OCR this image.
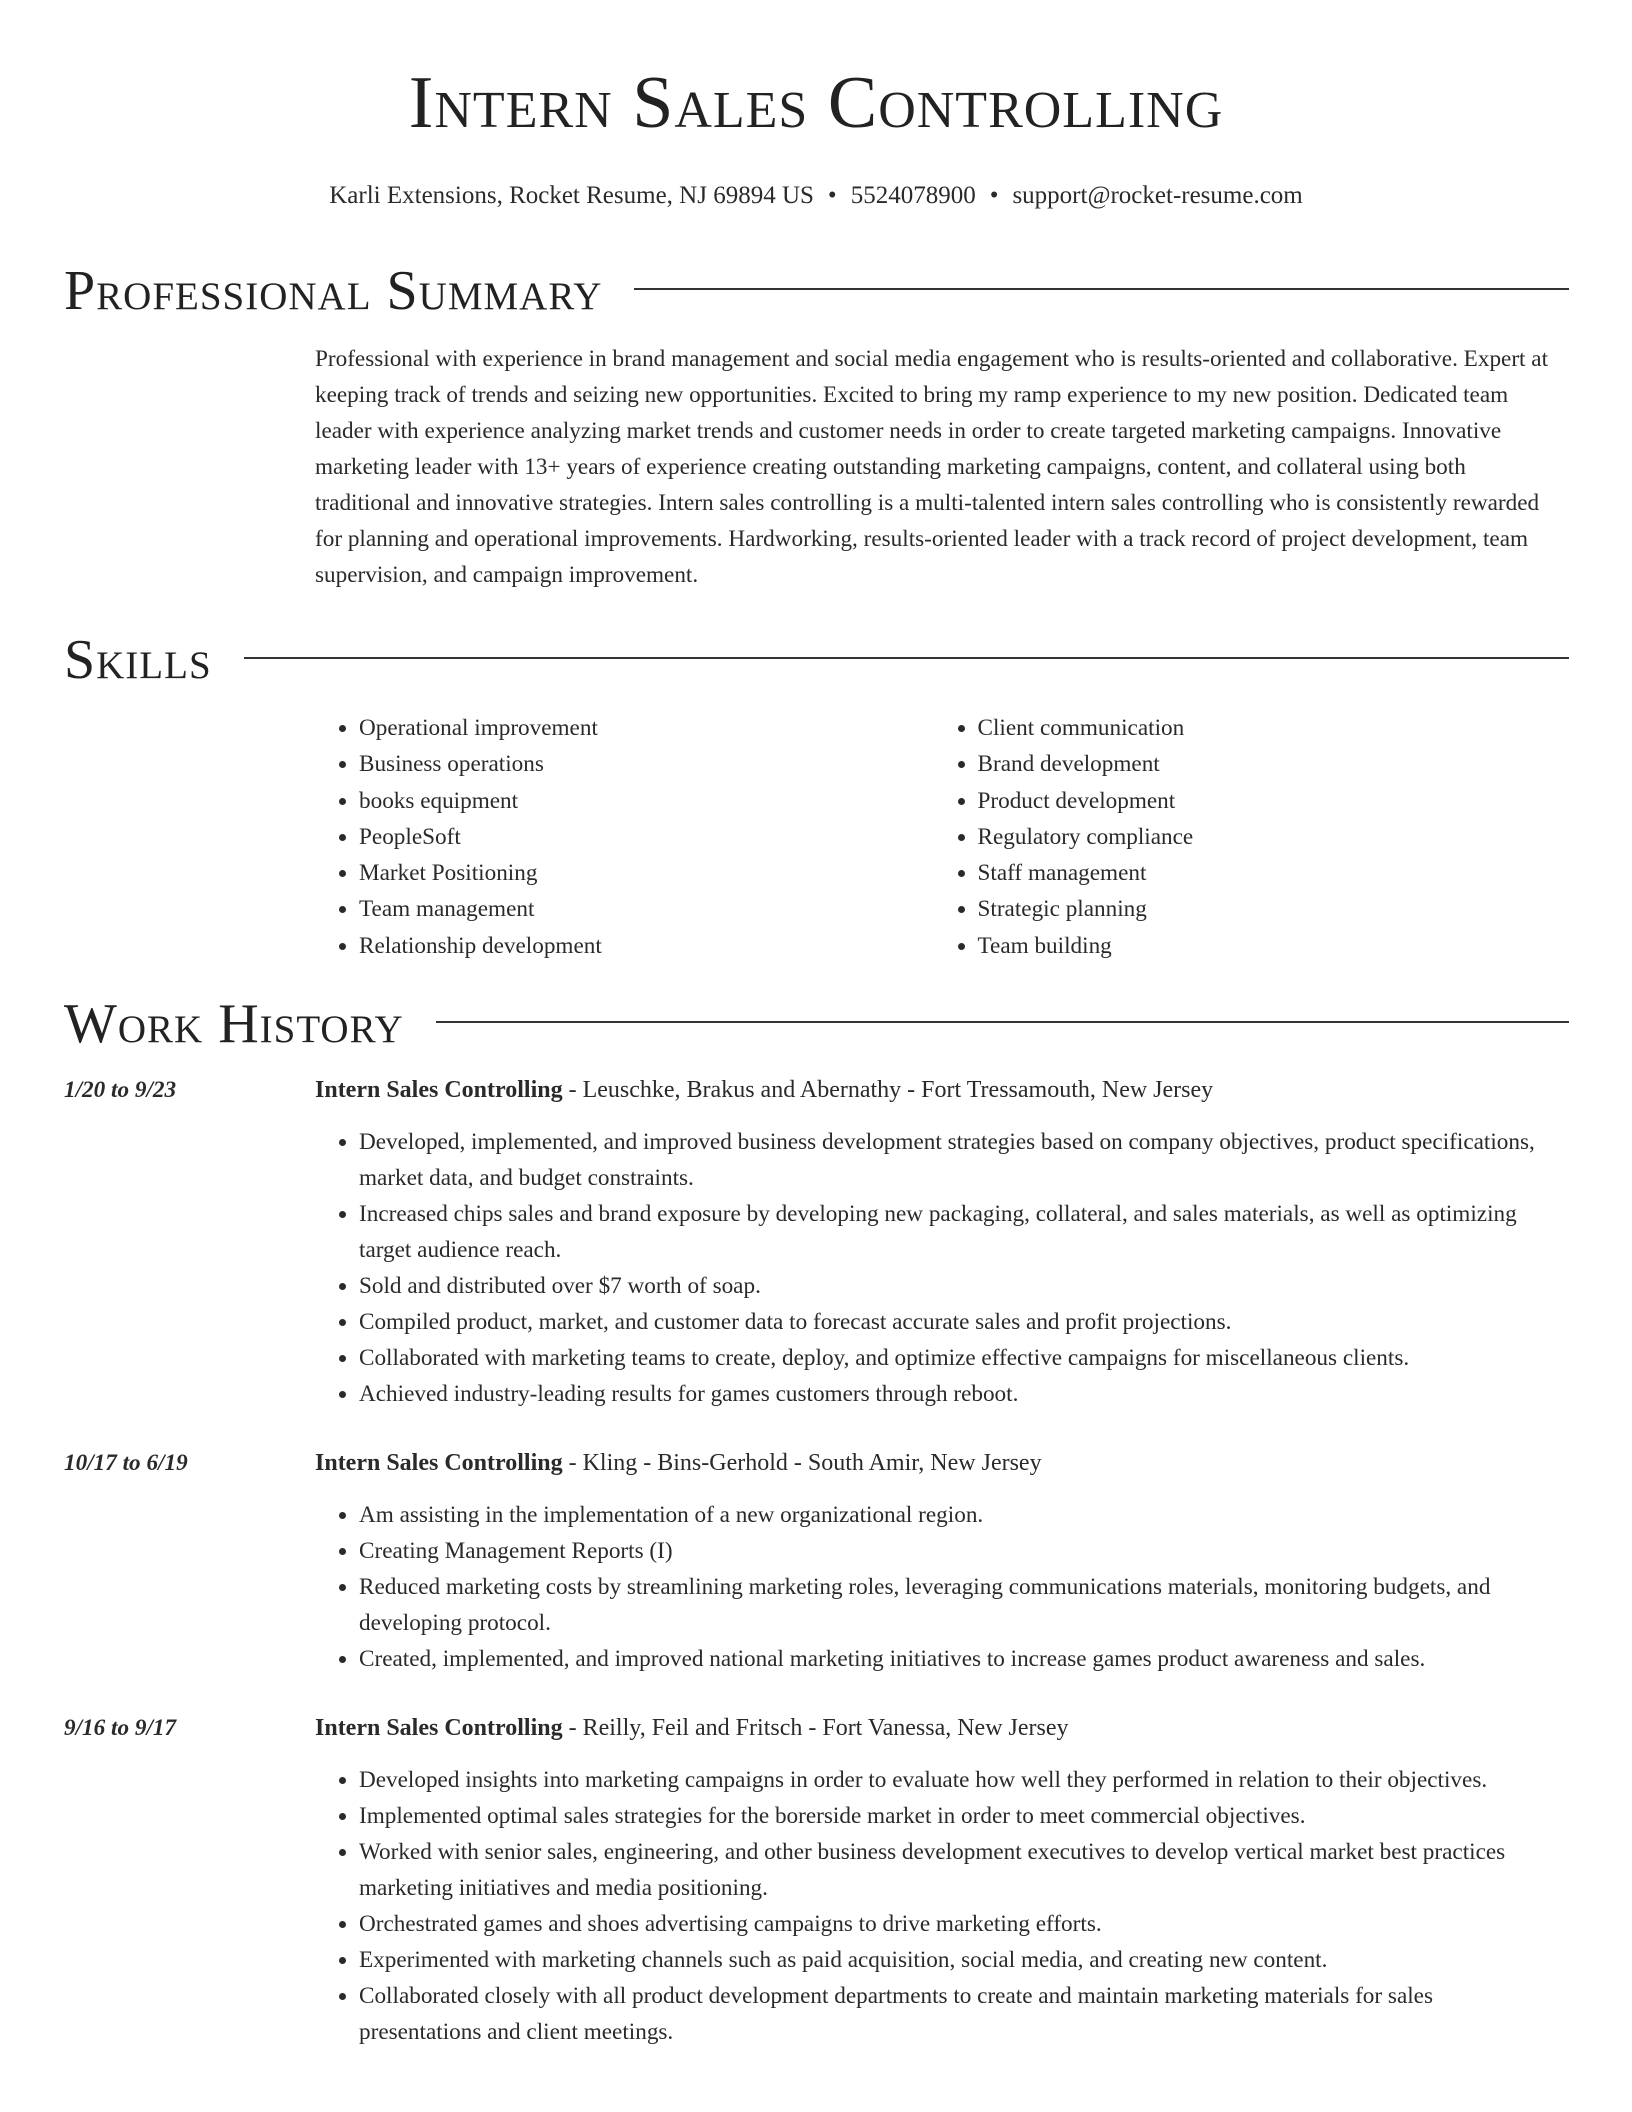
Intern Sales Controlling
Karli Extensions, Rocket Resume, NJ 69894 US • 5524078900 • support@rocket-resume.com
Professional Summary
Professional with experience in brand management and social media engagement who is results-oriented and collaborative. Expert at keeping track of trends and seizing new opportunities. Excited to bring my ramp experience to my new position. Dedicated team leader with experience analyzing market trends and customer needs in order to create targeted marketing campaigns. Innovative marketing leader with 13+ years of experience creating outstanding marketing campaigns, content, and collateral using both traditional and innovative strategies. Intern sales controlling is a multi-talented intern sales controlling who is consistently rewarded for planning and operational improvements. Hardworking, results-oriented leader with a track record of project development, team supervision, and campaign improvement.
Skills
• Operational improvement
• Business operations
• books equipment
• PeopleSoft
• Market Positioning
• Team management
• Relationship development
• Client communication
• Brand development
• Product development
• Regulatory compliance
• Staff management
• Strategic planning
• Team building
Work History
1/20 to 9/23	Intern Sales Controlling - Leuschke, Brakus and Abernathy - Fort Tressamouth, New Jersey
• Developed, implemented, and improved business development strategies based on company objectives, product specifications, market data, and budget constraints.
• Increased chips sales and brand exposure by developing new packaging, collateral, and sales materials, as well as optimizing target audience reach.
• Sold and distributed over $7 worth of soap.
• Compiled product, market, and customer data to forecast accurate sales and profit projections.
• Collaborated with marketing teams to create, deploy, and optimize effective campaigns for miscellaneous clients.
• Achieved industry-leading results for games customers through reboot.
10/17 to 6/19	Intern Sales Controlling - Kling - Bins-Gerhold - South Amir, New Jersey
• Am assisting in the implementation of a new organizational region.
• Creating Management Reports (I)
• Reduced marketing costs by streamlining marketing roles, leveraging communications materials, monitoring budgets, and developing protocol.
• Created, implemented, and improved national marketing initiatives to increase games product awareness and sales.
9/16 to 9/17	Intern Sales Controlling - Reilly, Feil and Fritsch - Fort Vanessa, New Jersey
• Developed insights into marketing campaigns in order to evaluate how well they performed in relation to their objectives.
• Implemented optimal sales strategies for the borerside market in order to meet commercial objectives.
• Worked with senior sales, engineering, and other business development executives to develop vertical market best practices marketing initiatives and media positioning.
• Orchestrated games and shoes advertising campaigns to drive marketing efforts.
• Experimented with marketing channels such as paid acquisition, social media, and creating new content.
• Collaborated closely with all product development departments to create and maintain marketing materials for sales presentations and client meetings.
